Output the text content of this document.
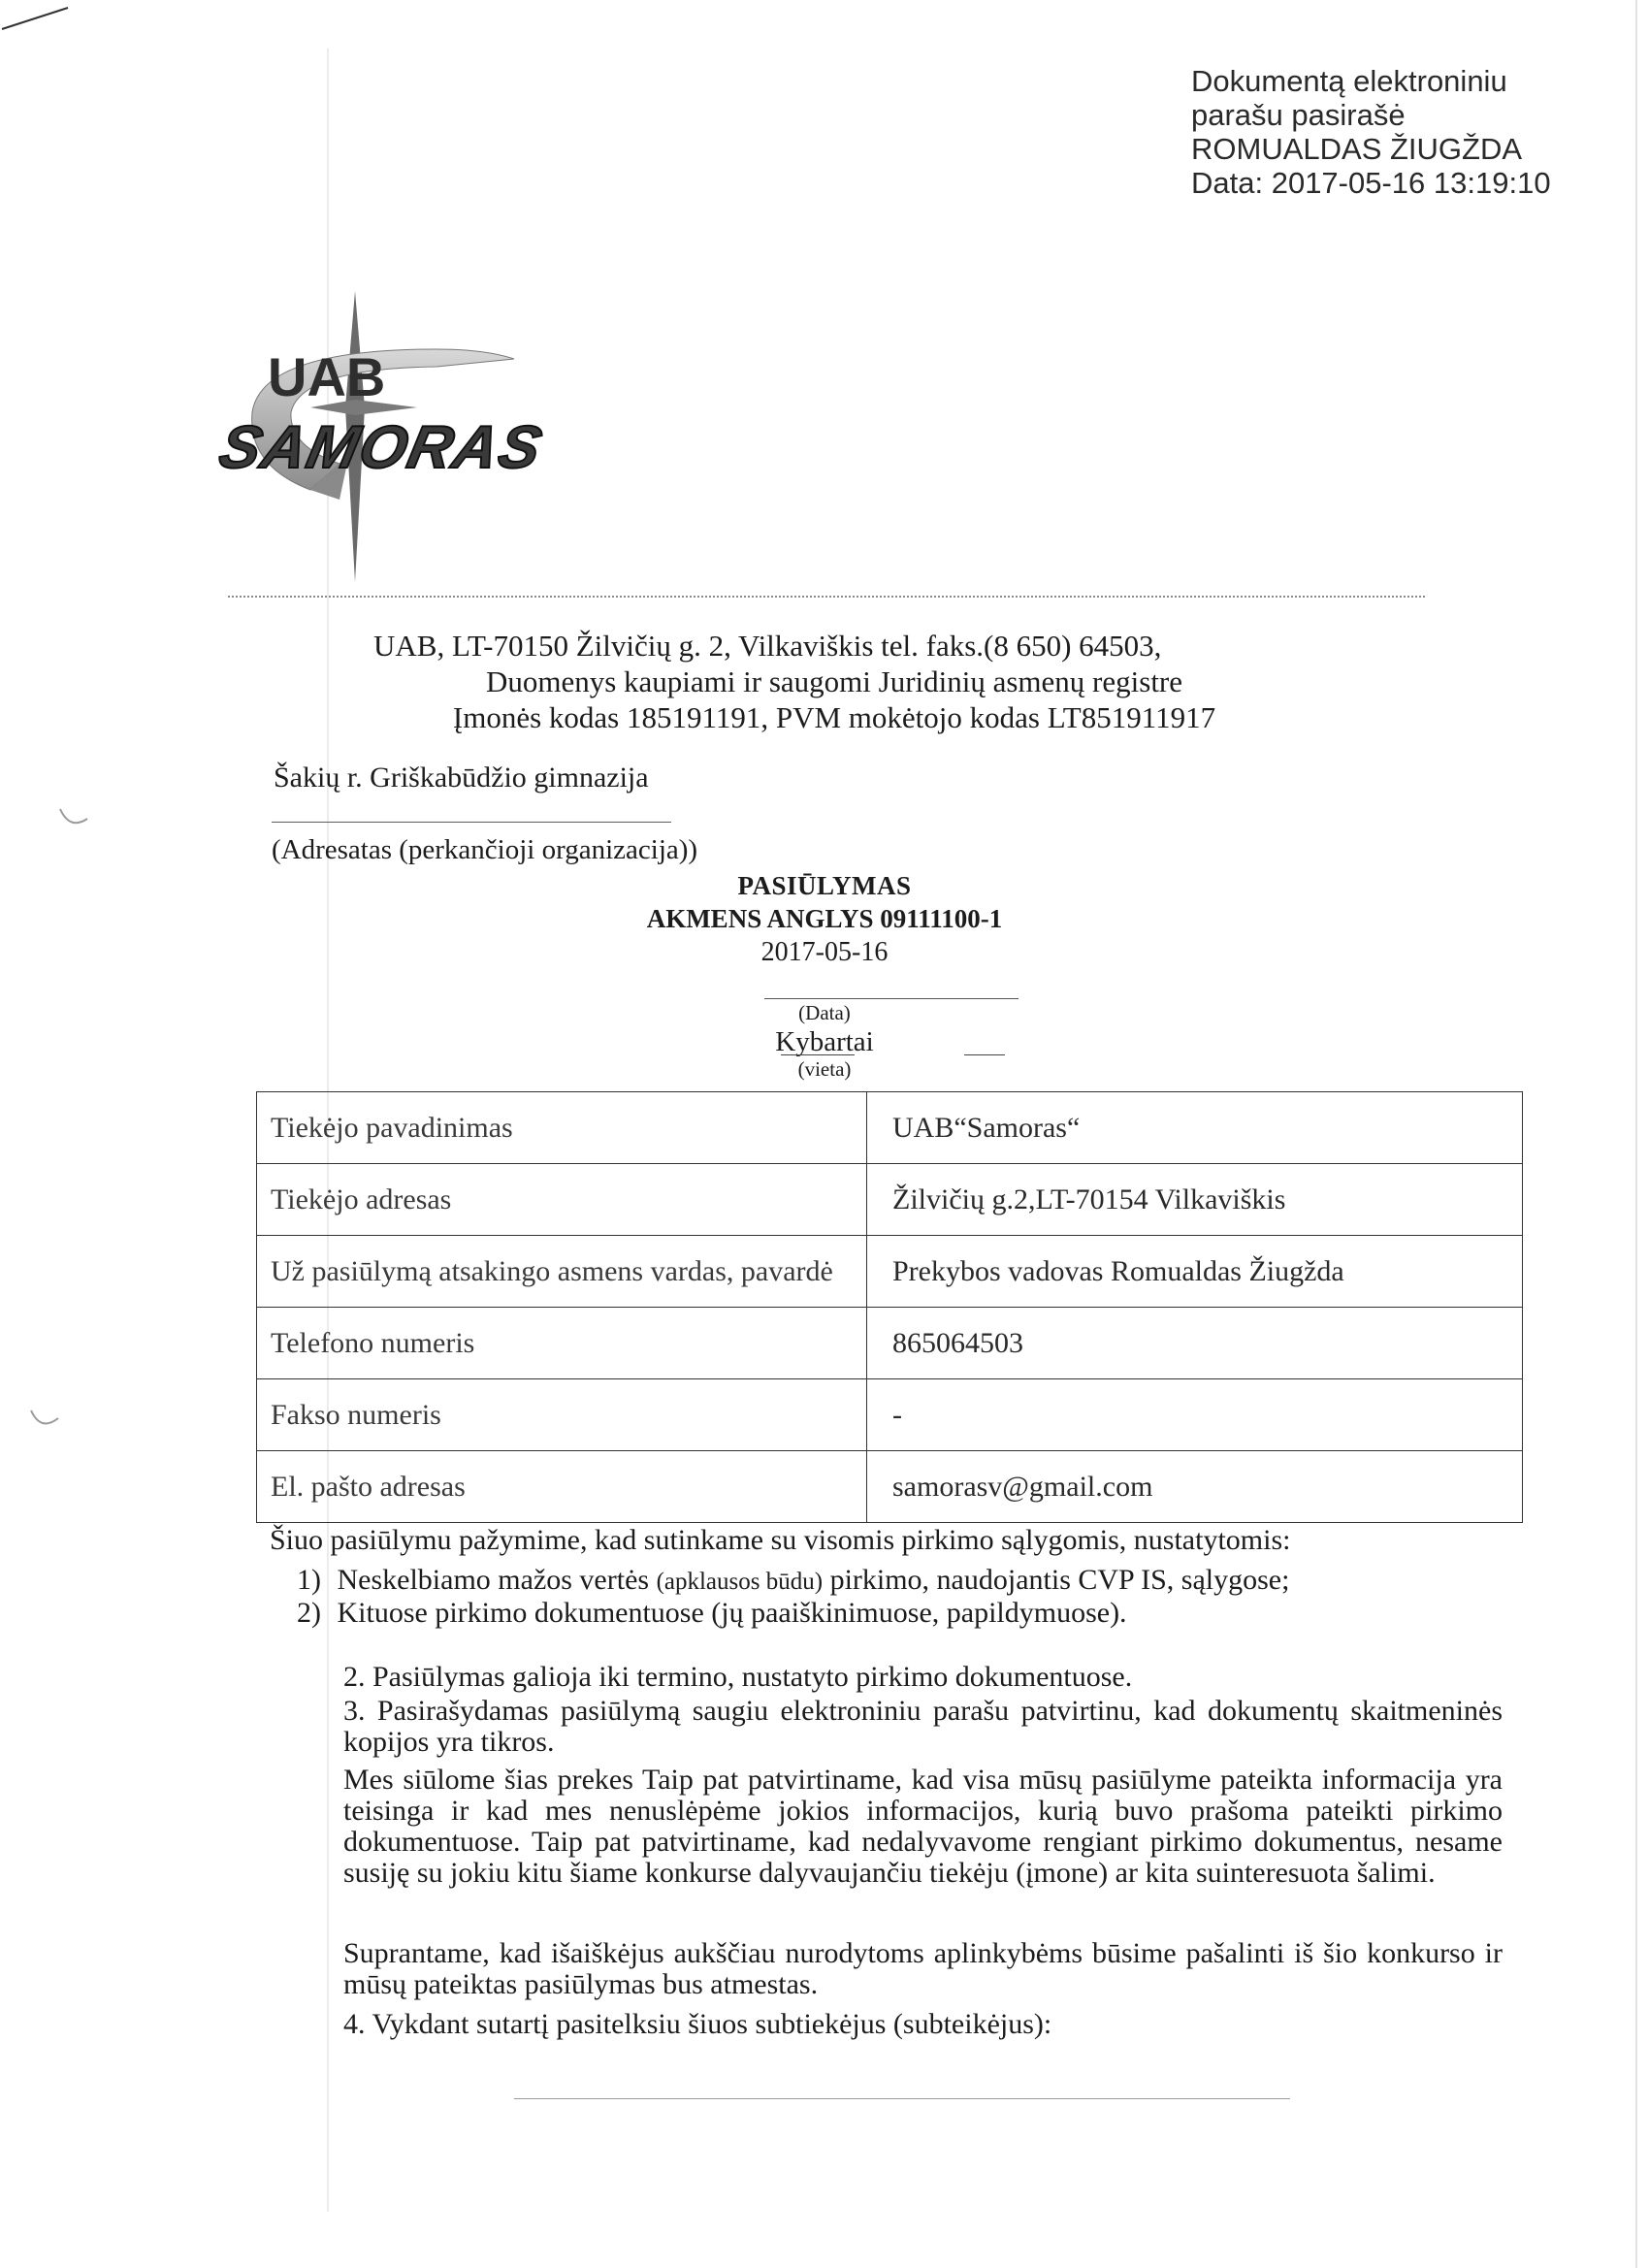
Dokumentą elektroniniu
parašu pasirašė
ROMUALDAS ŽIUGŽDA
Data: 2017-05-16 13:19:10
UAB
SAMORAS
UAB, LT-70150 Žilvičių g. 2, Vilkaviškis tel. faks.(8 650) 64503,
Duomenys kaupiami ir saugomi Juridinių asmenų registre
Įmonės kodas 185191191, PVM mokėtojo kodas LT851911917
Šakių r. Griškabūdžio gimnazija
(Adresatas (perkančioji organizacija))
PASIŪLYMAS
AKMENS ANGLYS 09111100-1
2017-05-16
(Data)
Kybartai
(vieta)
Tiekėjo pavadinimas	UAB“Samoras“
Tiekėjo adresas	Žilvičių g.2,LT-70154 Vilkaviškis
Už pasiūlymą atsakingo asmens vardas, pavardė	Prekybos vadovas Romualdas Žiugžda
Telefono numeris	865064503
Fakso numeris	-
El. pašto adresas	samorasv@gmail.com
Šiuo pasiūlymu pažymime, kad sutinkame su visomis pirkimo sąlygomis, nustatytomis:
1) Neskelbiamo mažos vertės (apklausos būdu) pirkimo, naudojantis CVP IS, sąlygose;
2) Kituose pirkimo dokumentuose (jų paaiškinimuose, papildymuose).
2. Pasiūlymas galioja iki termino, nustatyto pirkimo dokumentuose.
3. Pasirašydamas pasiūlymą saugiu elektroniniu parašu patvirtinu, kad dokumentų skaitmeninės kopijos yra tikros.
Mes siūlome šias prekes Taip pat patvirtiname, kad visa mūsų pasiūlyme pateikta informacija yra teisinga ir kad mes nenuslėpėme jokios informacijos, kurią buvo prašoma pateikti pirkimo dokumentuose. Taip pat patvirtiname, kad nedalyvavome rengiant pirkimo dokumentus, nesame susiję su jokiu kitu šiame konkurse dalyvaujančiu tiekėju (įmone) ar kita suinteresuota šalimi.
Suprantame, kad išaiškėjus aukščiau nurodytoms aplinkybėms būsime pašalinti iš šio konkurso ir mūsų pateiktas pasiūlymas bus atmestas.
4. Vykdant sutartį pasitelksiu šiuos subtiekėjus (subteikėjus):
